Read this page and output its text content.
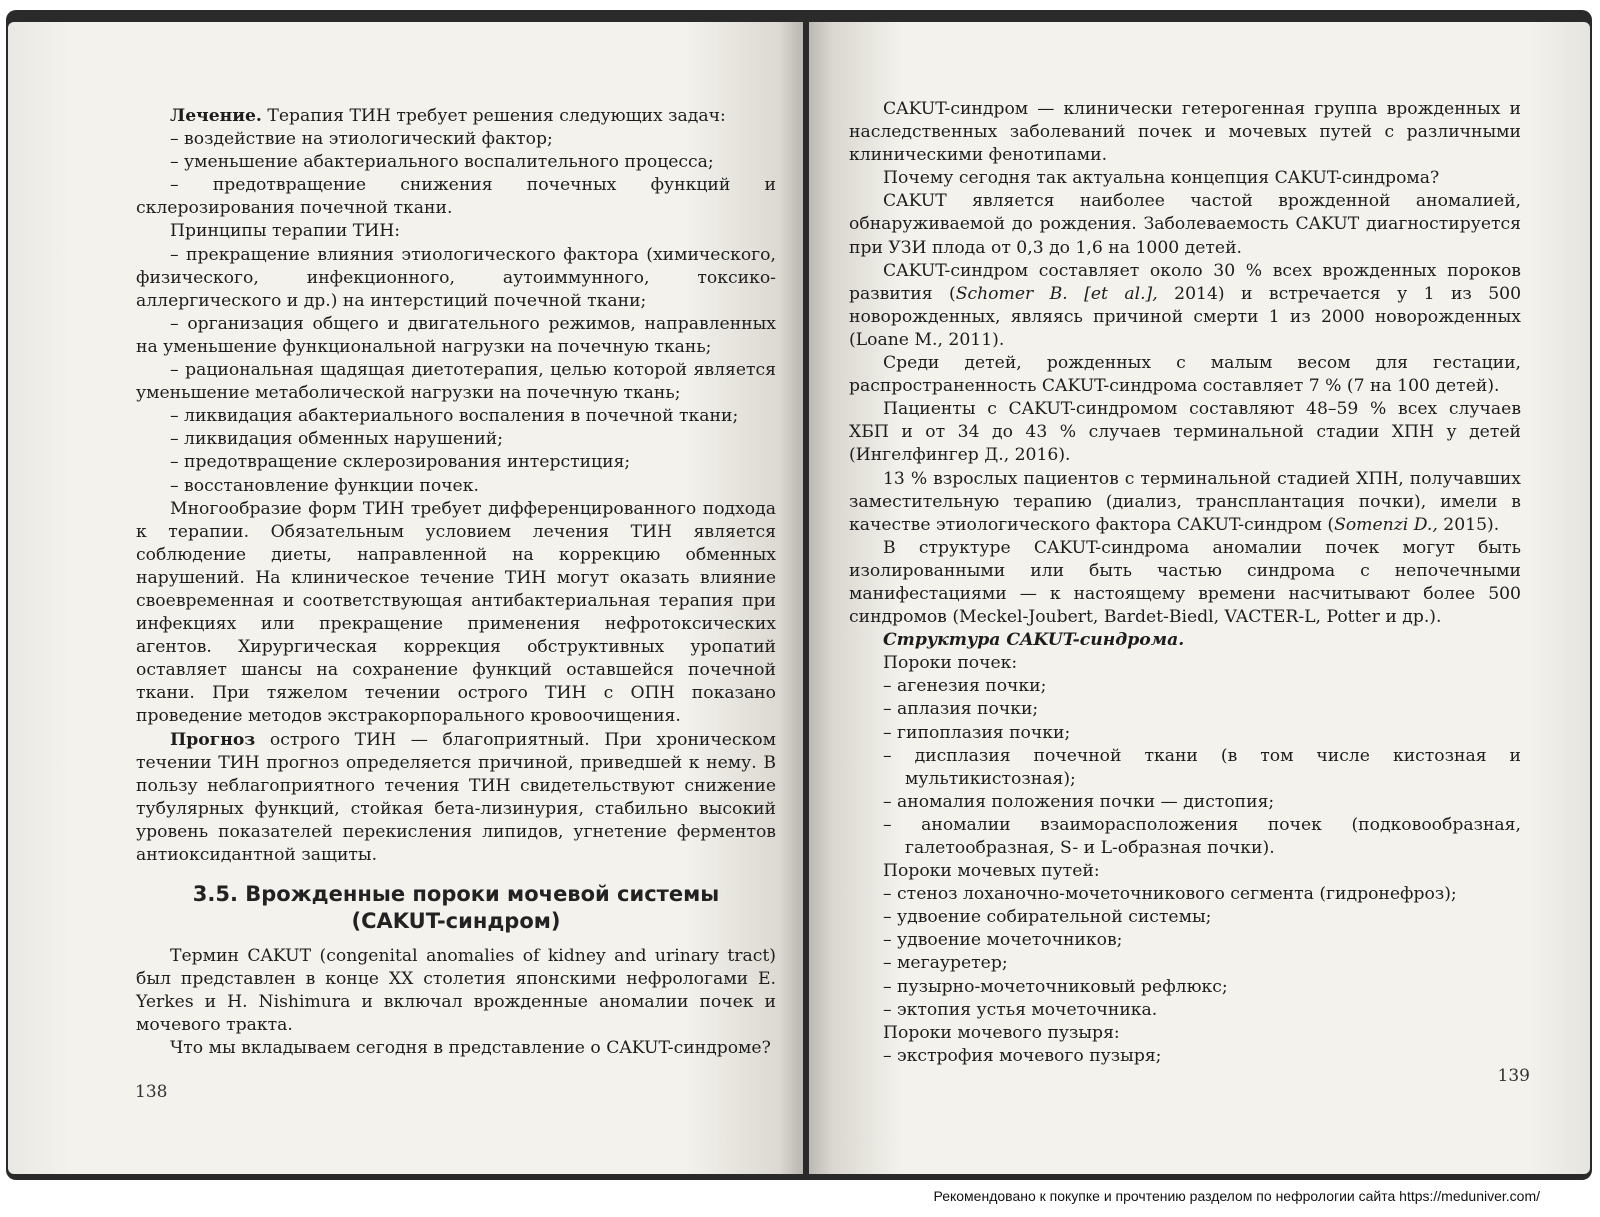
Лечение. Терапия ТИН требует решения следующих задач:

– воздействие на этиологический фактор;

– уменьшение абактериального воспалительного процесса;

– предотвращение снижения почечных функций и склерозирования почечной ткани.

Принципы терапии ТИН:

– прекращение влияния этиологического фактора (химического, физического, инфекционного, аутоиммунного, токсико-аллергического и др.) на интерстиций почечной ткани;

– организация общего и двигательного режимов, направленных на уменьшение функциональной нагрузки на почечную ткань;

– рациональная щадящая диетотерапия, целью которой является уменьшение метаболической нагрузки на почечную ткань;

– ликвидация абактериального воспаления в почечной ткани;

– ликвидация обменных нарушений;

– предотвращение склерозирования интерстиция;

– восстановление функции почек.

Многообразие форм ТИН требует дифференцированного подхода к терапии. Обязательным условием лечения ТИН является соблюдение диеты, направленной на коррекцию обменных нарушений. На клиническое течение ТИН могут оказать влияние своевременная и соответствующая антибактериальная терапия при инфекциях или прекращение применения нефротоксических агентов. Хирургическая коррекция обструктивных уропатий оставляет шансы на сохранение функций оставшейся почечной ткани. При тяжелом течении острого ТИН с ОПН показано проведение методов экстракорпорального кровоочищения.

Прогноз острого ТИН — благоприятный. При хроническом течении ТИН прогноз определяется причиной, приведшей к нему. В пользу неблагоприятного течения ТИН свидетельствуют снижение тубулярных функций, стойкая бета-лизинурия, стабильно высокий уровень показателей перекисления липидов, угнетение ферментов антиоксидантной защиты.

3.5. Врожденные пороки мочевой системы
(CAKUT-синдром)

Термин CAKUT (congenital anomalies of kidney and urinary tract) был представлен в конце XX столетия японскими нефрологами E. Yerkes и H. Nishimura и включал врожденные аномалии почек и мочевого тракта.

Что мы вкладываем сегодня в представление о CAKUT-синдроме?

138

CAKUT-синдром — клинически гетерогенная группа врожденных и наследственных заболеваний почек и мочевых путей с различными клиническими фенотипами.

Почему сегодня так актуальна концепция CAKUT-синдрома?

CAKUT является наиболее частой врожденной аномалией, обнаруживаемой до рождения. Заболеваемость CAKUT диагностируется при УЗИ плода от 0,3 до 1,6 на 1000 детей.

CAKUT-синдром составляет около 30 % всех врожденных пороков развития (Schomer B. [et al.], 2014) и встречается у 1 из 500 новорожденных, являясь причиной смерти 1 из 2000 новорожденных (Loane M., 2011).

Среди детей, рожденных с малым весом для гестации, распространенность CAKUT-синдрома составляет 7 % (7 на 100 детей).

Пациенты с CAKUT-синдромом составляют 48–59 % всех случаев ХБП и от 34 до 43 % случаев терминальной стадии ХПН у детей (Ингелфингер Д., 2016).

13 % взрослых пациентов с терминальной стадией ХПН, получавших заместительную терапию (диализ, трансплантация почки), имели в качестве этиологического фактора CAKUT-синдром (Somenzi D., 2015).

В структуре CAKUT-синдрома аномалии почек могут быть изолированными или быть частью синдрома с непочечными манифестациями — к настоящему времени насчитывают более 500 синдромов (Meckel-Joubert, Bardet-Biedl, VACTER-L, Potter и др.).

Структура CAKUT-синдрома.

Пороки почек:

– агенезия почки;

– аплазия почки;

– гипоплазия почки;

– дисплазия почечной ткани (в том числе кистозная и мультикистозная);

– аномалия положения почки — дистопия;

– аномалии взаиморасположения почек (подковообразная, галетообразная, S- и L-образная почки).

Пороки мочевых путей:

– стеноз лоханочно-мочеточникового сегмента (гидронефроз);

– удвоение собирательной системы;

– удвоение мочеточников;

– мегауретер;

– пузырно-мочеточниковый рефлюкс;

– эктопия устья мочеточника.

Пороки мочевого пузыря:

– экстрофия мочевого пузыря;

139
Рекомендовано к покупке и прочтению разделом по нефрологии сайта https://meduniver.com/
